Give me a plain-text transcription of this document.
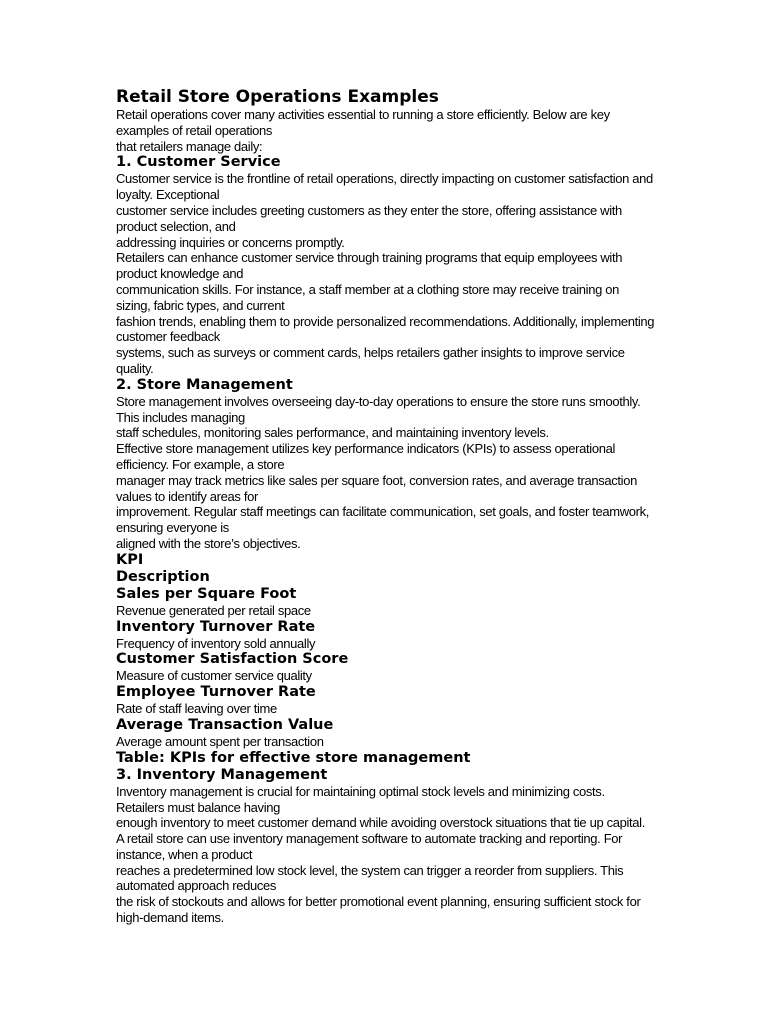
Retail Store Operations Examples
Retail operations cover many activities essential to running a store efficiently. Below are key examples of retail operations
that retailers manage daily:
1. Customer Service
Customer service is the frontline of retail operations, directly impacting on customer satisfaction and loyalty. Exceptional
customer service includes greeting customers as they enter the store, offering assistance with product selection, and
addressing inquiries or concerns promptly.
Retailers can enhance customer service through training programs that equip employees with product knowledge and
communication skills. For instance, a staff member at a clothing store may receive training on sizing, fabric types, and current
fashion trends, enabling them to provide personalized recommendations. Additionally, implementing customer feedback
systems, such as surveys or comment cards, helps retailers gather insights to improve service quality.
2. Store Management
Store management involves overseeing day-to-day operations to ensure the store runs smoothly. This includes managing
staff schedules, monitoring sales performance, and maintaining inventory levels.
Effective store management utilizes key performance indicators (KPIs) to assess operational efficiency. For example, a store
manager may track metrics like sales per square foot, conversion rates, and average transaction values to identify areas for
improvement. Regular staff meetings can facilitate communication, set goals, and foster teamwork, ensuring everyone is
aligned with the store’s objectives.
KPI
Description
Sales per Square Foot
Revenue generated per retail space
Inventory Turnover Rate
Frequency of inventory sold annually
Customer Satisfaction Score
Measure of customer service quality
Employee Turnover Rate
Rate of staff leaving over time
Average Transaction Value
Average amount spent per transaction
Table: KPIs for effective store management
3. Inventory Management
Inventory management is crucial for maintaining optimal stock levels and minimizing costs. Retailers must balance having
enough inventory to meet customer demand while avoiding overstock situations that tie up capital.
A retail store can use inventory management software to automate tracking and reporting. For instance, when a product
reaches a predetermined low stock level, the system can trigger a reorder from suppliers. This automated approach reduces
the risk of stockouts and allows for better promotional event planning, ensuring sufficient stock for high-demand items.
